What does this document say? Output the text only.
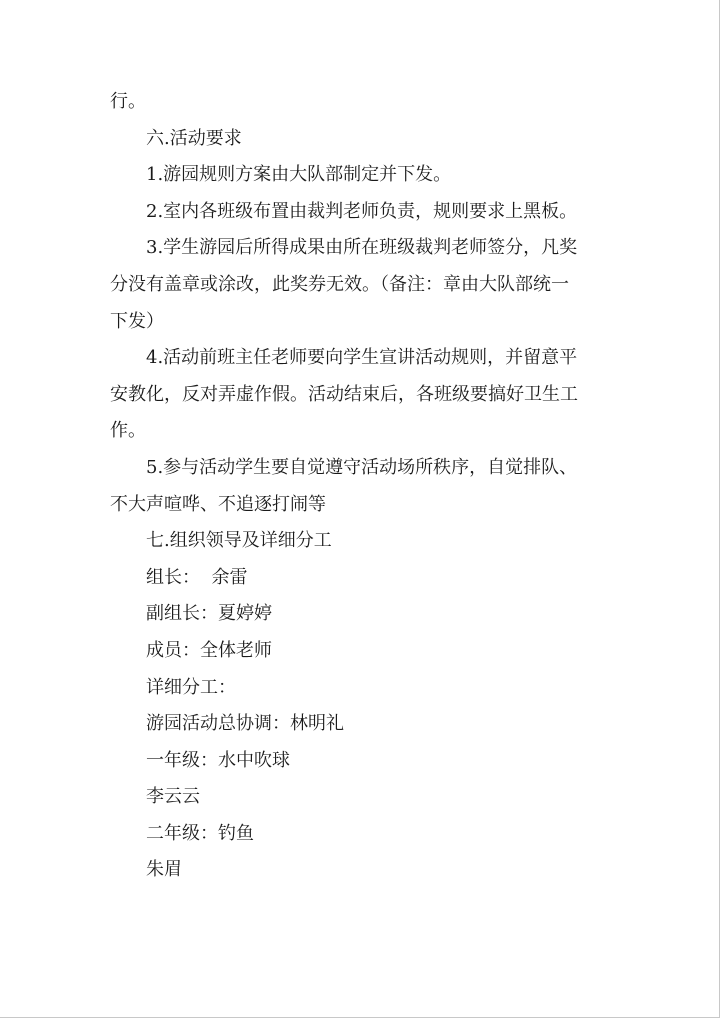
行。

六.活动要求

1.游园规则方案由大队部制定并下发。

2.室内各班级布置由裁判老师负责，规则要求上黑板。

3.学生游园后所得成果由所在班级裁判老师签分，凡奖

分没有盖章或涂改，此奖券无效。（备注：章由大队部统一

下发）

4.活动前班主任老师要向学生宣讲活动规则，并留意平

安教化，反对弄虚作假。活动结束后，各班级要搞好卫生工

作。

5.参与活动学生要自觉遵守活动场所秩序，自觉排队、

不大声喧哗、不追逐打闹等

七.组织领导及详细分工

组长：  余雷

副组长：夏婷婷

成员：全体老师

详细分工：

游园活动总协调：林明礼

一年级：水中吹球

李云云

二年级：钓鱼

朱眉
